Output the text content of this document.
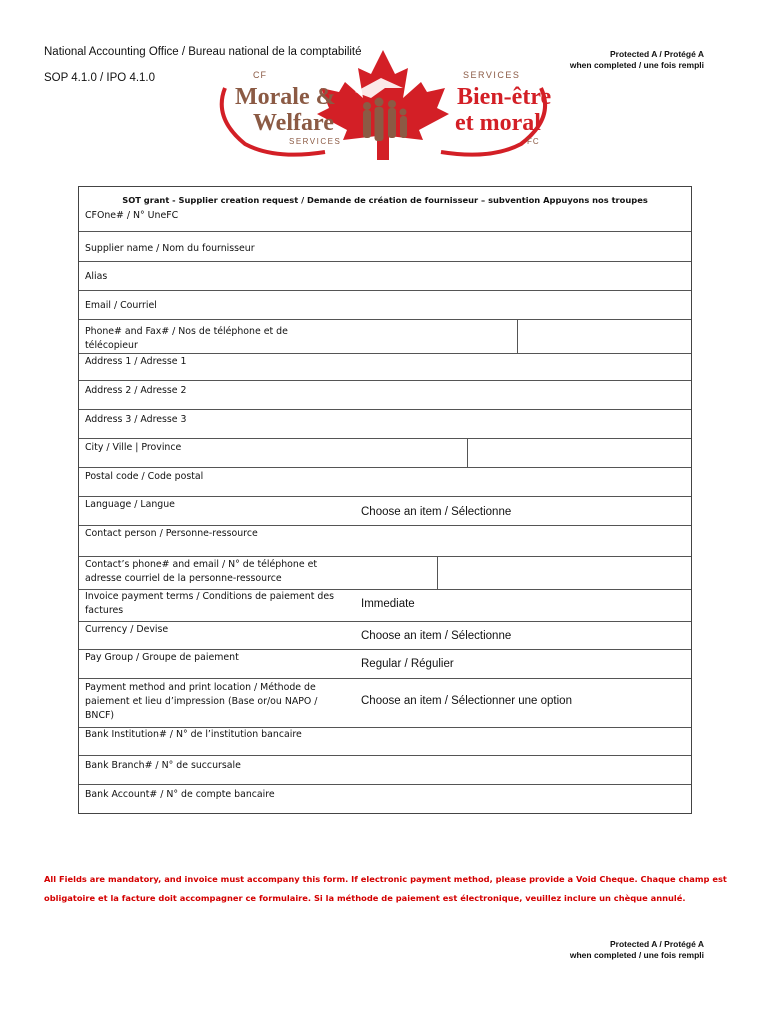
National Accounting Office / Bureau national de la comptabilité
SOP 4.1.0 / IPO 4.1.0
Protected A / Protégé A
when completed / une fois rempli
CF	SERVICES
Morale &
Welfare
SERVICES
Bien-être
et moral
FC
SOT grant - Supplier creation request / Demande de création de fournisseur – subvention Appuyons nos troupes
CFOne# / N° UneFC
Supplier name / Nom du fournisseur
Alias
Email / Courriel
Phone# and Fax# / Nos de téléphone et de télécopieur
Address 1 / Adresse 1
Address 2 / Adresse 2
Address 3 / Adresse 3
City / Ville | Province
Postal code / Code postal
Language / Langue
Choose an item / Sélectionne
Contact person / Personne-ressource
Contact’s phone# and email / N° de téléphone et adresse courriel de la personne-ressource
Invoice payment terms / Conditions de paiement des factures
Immediate
Currency / Devise
Choose an item / Sélectionne
Pay Group / Groupe de paiement
Regular / Régulier
Payment method and print location / Méthode de paiement et lieu d’impression (Base or/ou NAPO / BNCF)
Choose an item / Sélectionner une option
Bank Institution# / N° de l’institution bancaire
Bank Branch# / N° de succursale
Bank Account# / N° de compte bancaire
All Fields are mandatory, and invoice must accompany this form. If electronic payment method, please provide a Void Cheque. Chaque champ est obligatoire et la facture doit accompagner ce formulaire. Si la méthode de paiement est électronique, veuillez inclure un chèque annulé.
Protected A / Protégé A
when completed / une fois rempli
